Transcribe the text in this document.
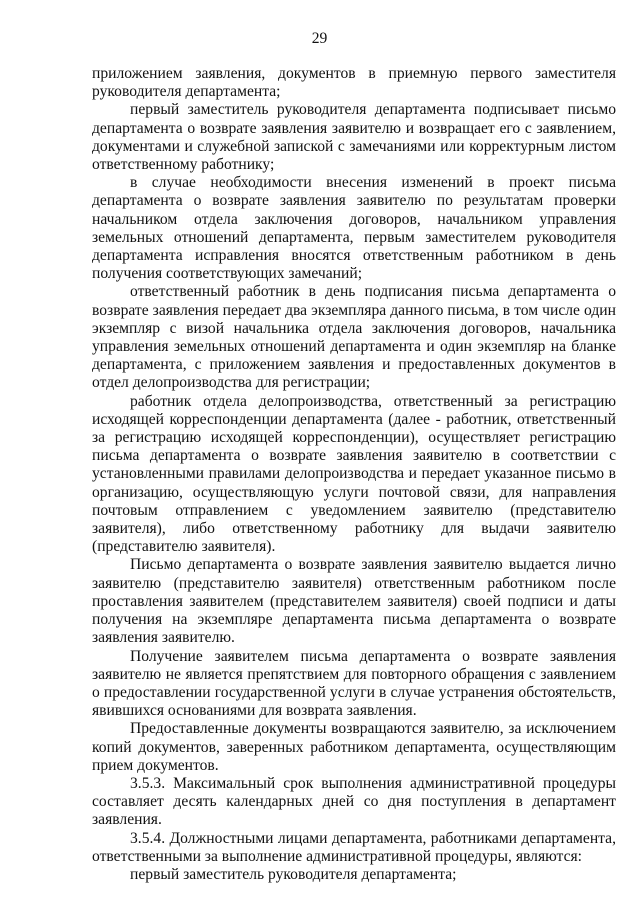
29

приложением заявления, документов в приемную первого заместителя руководителя департамента;

первый заместитель руководителя департамента подписывает письмо департамента о возврате заявления заявителю и возвращает его с заявлением, документами и служебной запиской с замечаниями или корректурным листом ответственному работнику;

в случае необходимости внесения изменений в проект письма департамента о возврате заявления заявителю по результатам проверки начальником отдела заключения договоров, начальником управления земельных отношений департамента, первым заместителем руководителя департамента исправления вносятся ответственным работником в день получения соответствующих замечаний;

ответственный работник в день подписания письма департамента о возврате заявления передает два экземпляра данного письма, в том числе один экземпляр с визой начальника отдела заключения договоров, начальника управления земельных отношений департамента и один экземпляр на бланке департамента, с приложением заявления и предоставленных документов в отдел делопроизводства для регистрации;

работник отдела делопроизводства, ответственный за регистрацию исходящей корреспонденции департамента (далее - работник, ответственный за регистрацию исходящей корреспонденции), осуществляет регистрацию письма департамента о возврате заявления заявителю в соответствии с установленными правилами делопроизводства и передает указанное письмо в организацию, осуществляющую услуги почтовой связи, для направления почтовым отправлением с уведомлением заявителю (представителю заявителя), либо ответственному работнику для выдачи заявителю (представителю заявителя).

Письмо департамента о возврате заявления заявителю выдается лично заявителю (представителю заявителя) ответственным работником после проставления заявителем (представителем заявителя) своей подписи и даты получения на экземпляре департамента письма департамента о возврате заявления заявителю.

Получение заявителем письма департамента о возврате заявления заявителю не является препятствием для повторного обращения с заявлением о предоставлении государственной услуги в случае устранения обстоятельств, явившихся основаниями для возврата заявления.

Предоставленные документы возвращаются заявителю, за исключением копий документов, заверенных работником департамента, осуществляющим прием документов.

3.5.3. Максимальный срок выполнения административной процедуры составляет десять календарных дней со дня поступления в департамент заявления.

3.5.4. Должностными лицами департамента, работниками департамента, ответственными за выполнение административной процедуры, являются:

первый заместитель руководителя департамента;
